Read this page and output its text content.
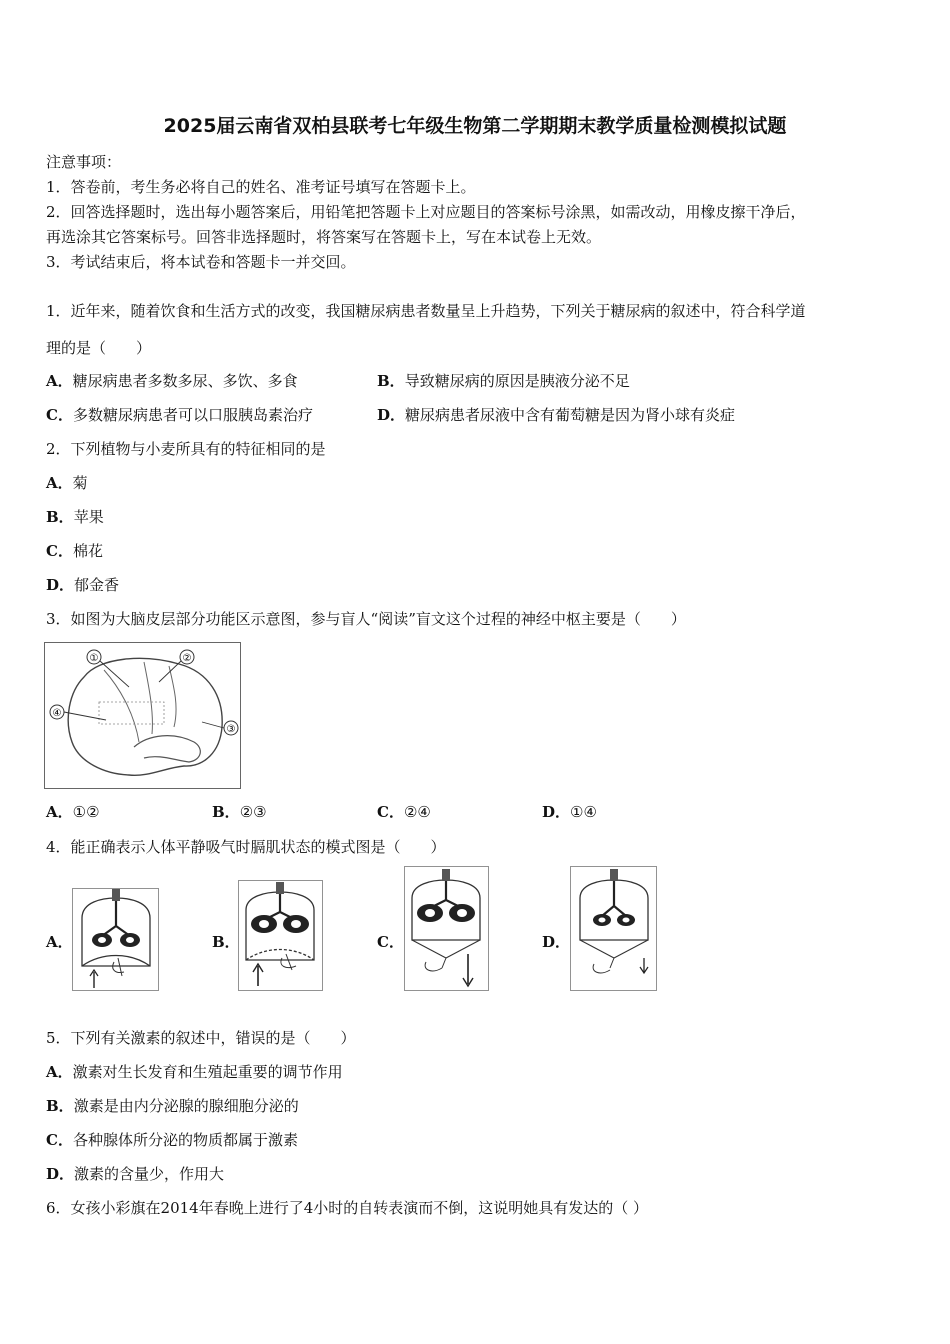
2025届云南省双柏县联考七年级生物第二学期期末教学质量检测模拟试题
注意事项：
1．答卷前，考生务必将自己的姓名、准考证号填写在答题卡上。
2．回答选择题时，选出每小题答案后，用铅笔把答题卡上对应题目的答案标号涂黑，如需改动，用橡皮擦干净后，
再选涂其它答案标号。回答非选择题时，将答案写在答题卡上，写在本试卷上无效。
3．考试结束后，将本试卷和答题卡一并交回。
1．近年来，随着饮食和生活方式的改变，我国糖尿病患者数量呈上升趋势，下列关于糖尿病的叙述中，符合科学道
理的是（　　）
A．糖尿病患者多数多尿、多饮、多食	B．导致糖尿病的原因是胰液分泌不足
C．多数糖尿病患者可以口服胰岛素治疗	D．糖尿病患者尿液中含有葡萄糖是因为肾小球有炎症
2．下列植物与小麦所具有的特征相同的是
A．菊
B．苹果
C．棉花
D．郁金香
3．如图为大脑皮层部分功能区示意图，参与盲人“阅读”盲文这个过程的神经中枢主要是（　　）
①	②
③
④
A．①②	B．②③	C．②④	D．①④
4．能正确表示人体平静吸气时膈肌状态的模式图是（　　）
A．	B．	C．	D．
5．下列有关激素的叙述中，错误的是（　　）
A．激素对生长发育和生殖起重要的调节作用
B．激素是由内分泌腺的腺细胞分泌的
C．各种腺体所分泌的物质都属于激素
D．激素的含量少，作用大
6．女孩小彩旗在2014年春晚上进行了4小时的自转表演而不倒，这说明她具有发达的（ ）
